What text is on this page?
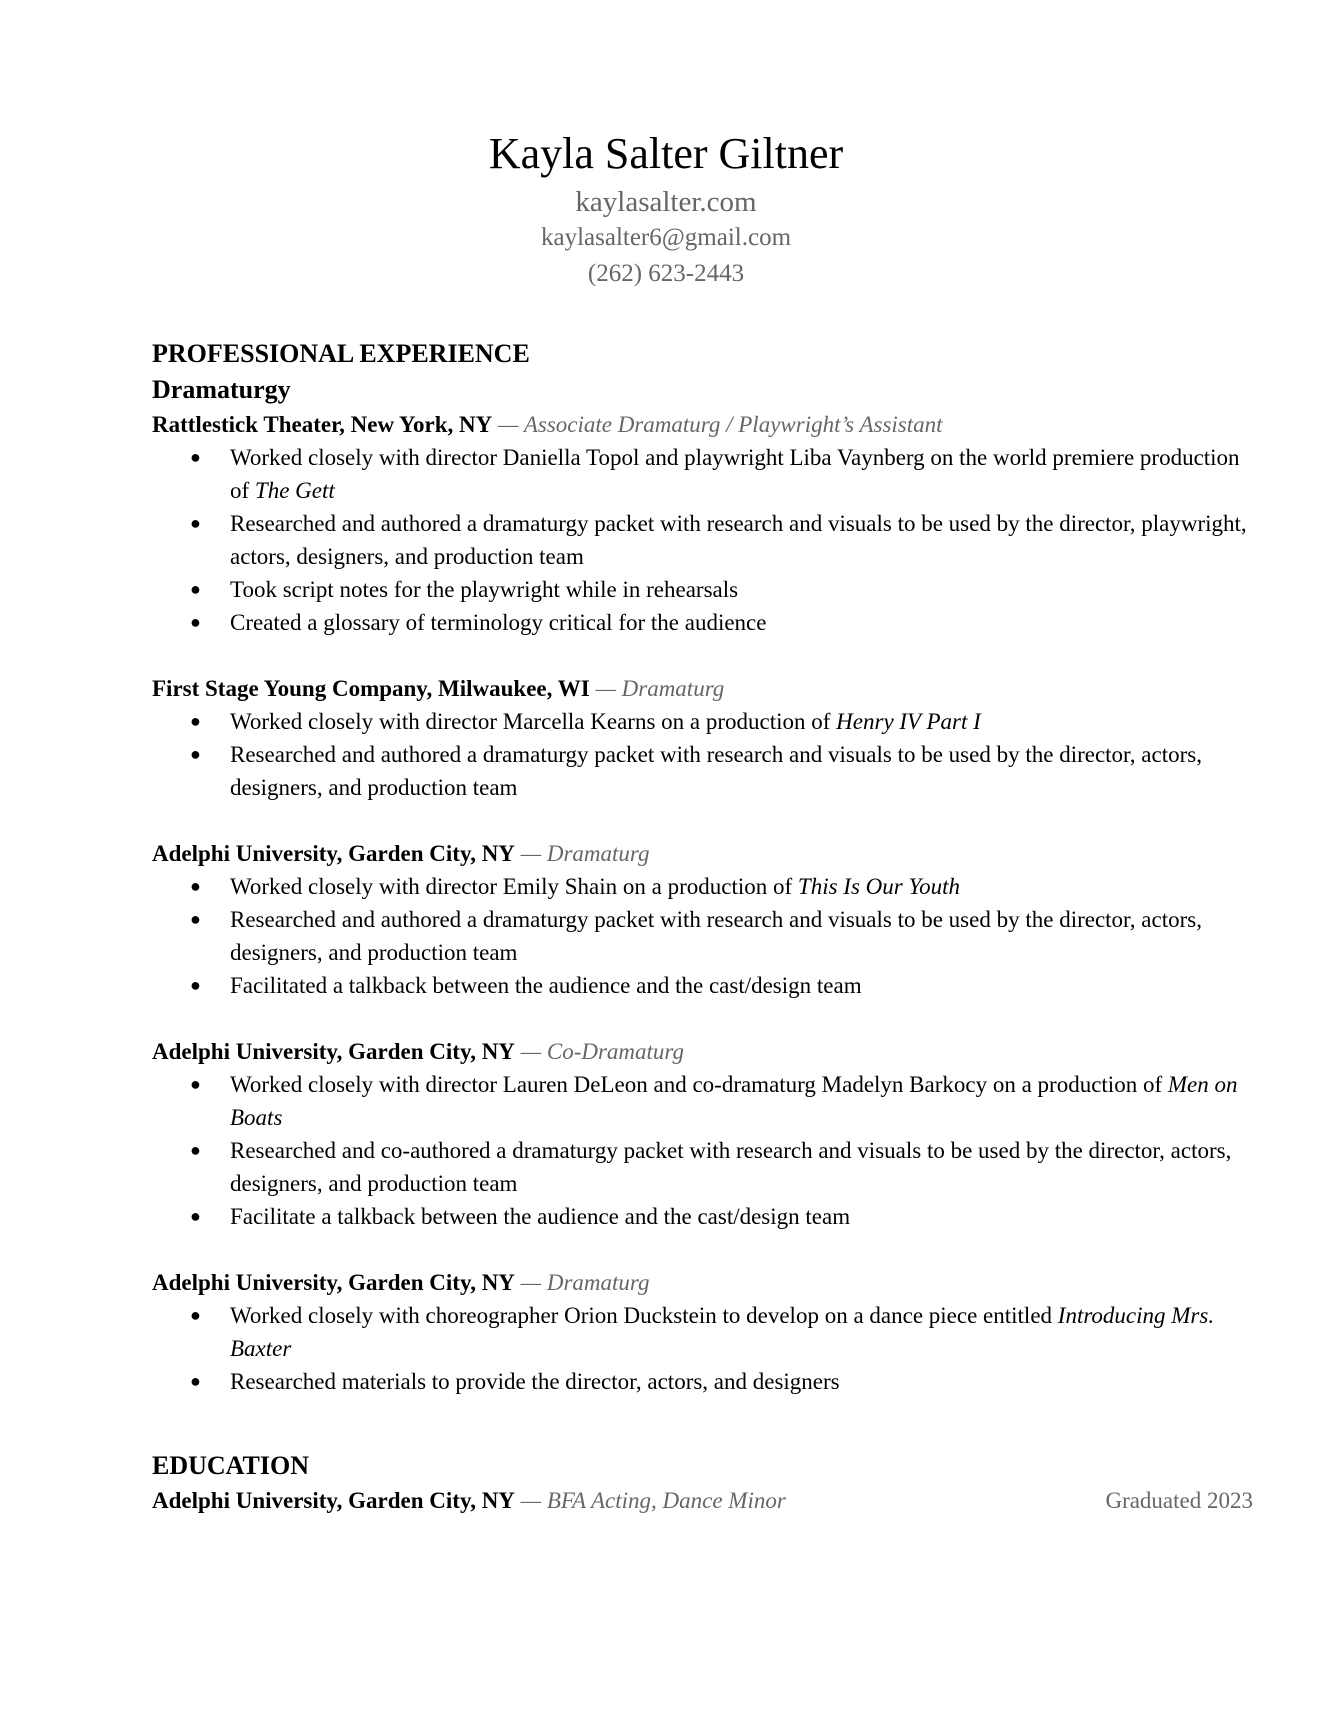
Kayla Salter Giltner
kaylasalter.com
kaylasalter6@gmail.com
(262) 623-2443
PROFESSIONAL EXPERIENCE
Dramaturgy
Rattlestick Theater, New York, NY — Associate Dramaturg / Playwright’s Assistant
● Worked closely with director Daniella Topol and playwright Liba Vaynberg on the world premiere production of The Gett
● Researched and authored a dramaturgy packet with research and visuals to be used by the director, playwright, actors, designers, and production team
● Took script notes for the playwright while in rehearsals
● Created a glossary of terminology critical for the audience
First Stage Young Company, Milwaukee, WI — Dramaturg
● Worked closely with director Marcella Kearns on a production of Henry IV Part I
● Researched and authored a dramaturgy packet with research and visuals to be used by the director, actors, designers, and production team
Adelphi University, Garden City, NY — Dramaturg
● Worked closely with director Emily Shain on a production of This Is Our Youth
● Researched and authored a dramaturgy packet with research and visuals to be used by the director, actors, designers, and production team
● Facilitated a talkback between the audience and the cast/design team
Adelphi University, Garden City, NY — Co-Dramaturg
● Worked closely with director Lauren DeLeon and co-dramaturg Madelyn Barkocy on a production of Men on Boats
● Researched and co-authored a dramaturgy packet with research and visuals to be used by the director, actors, designers, and production team
● Facilitate a talkback between the audience and the cast/design team
Adelphi University, Garden City, NY — Dramaturg
● Worked closely with choreographer Orion Duckstein to develop on a dance piece entitled Introducing Mrs. Baxter
● Researched materials to provide the director, actors, and designers
EDUCATION
Adelphi University, Garden City, NY — BFA Acting, Dance Minor	Graduated 2023
